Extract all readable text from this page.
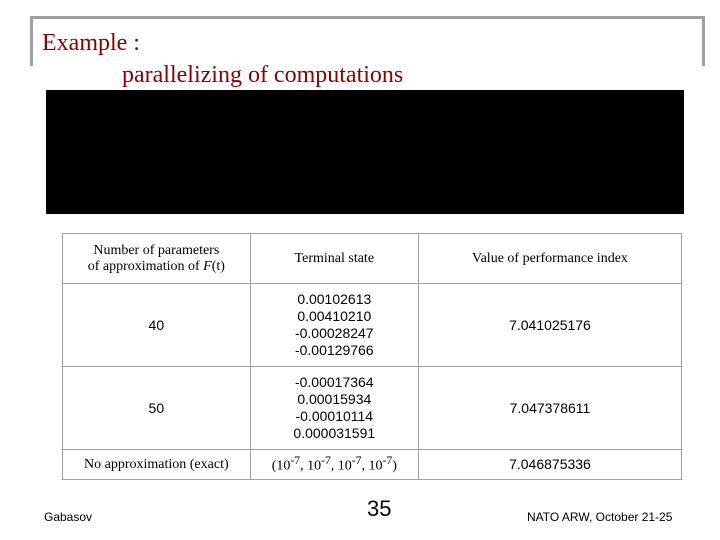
Example :
parallelizing of computations
Number of parameters
of approximation of F(t)	Terminal state	Value of performance index
40	0.00102613
0.00410210
-0.00028247
-0.00129766	7.041025176
50	-0.00017364
0.00015934
-0.00010114
0.000031591	7.047378611
No approximation (exact)	($10^{-7}$, $10^{-7}$, $10^{-7}$, $10^{-7}$)	7.046875336
Gabasov	35	NATO ARW, October 21-25
